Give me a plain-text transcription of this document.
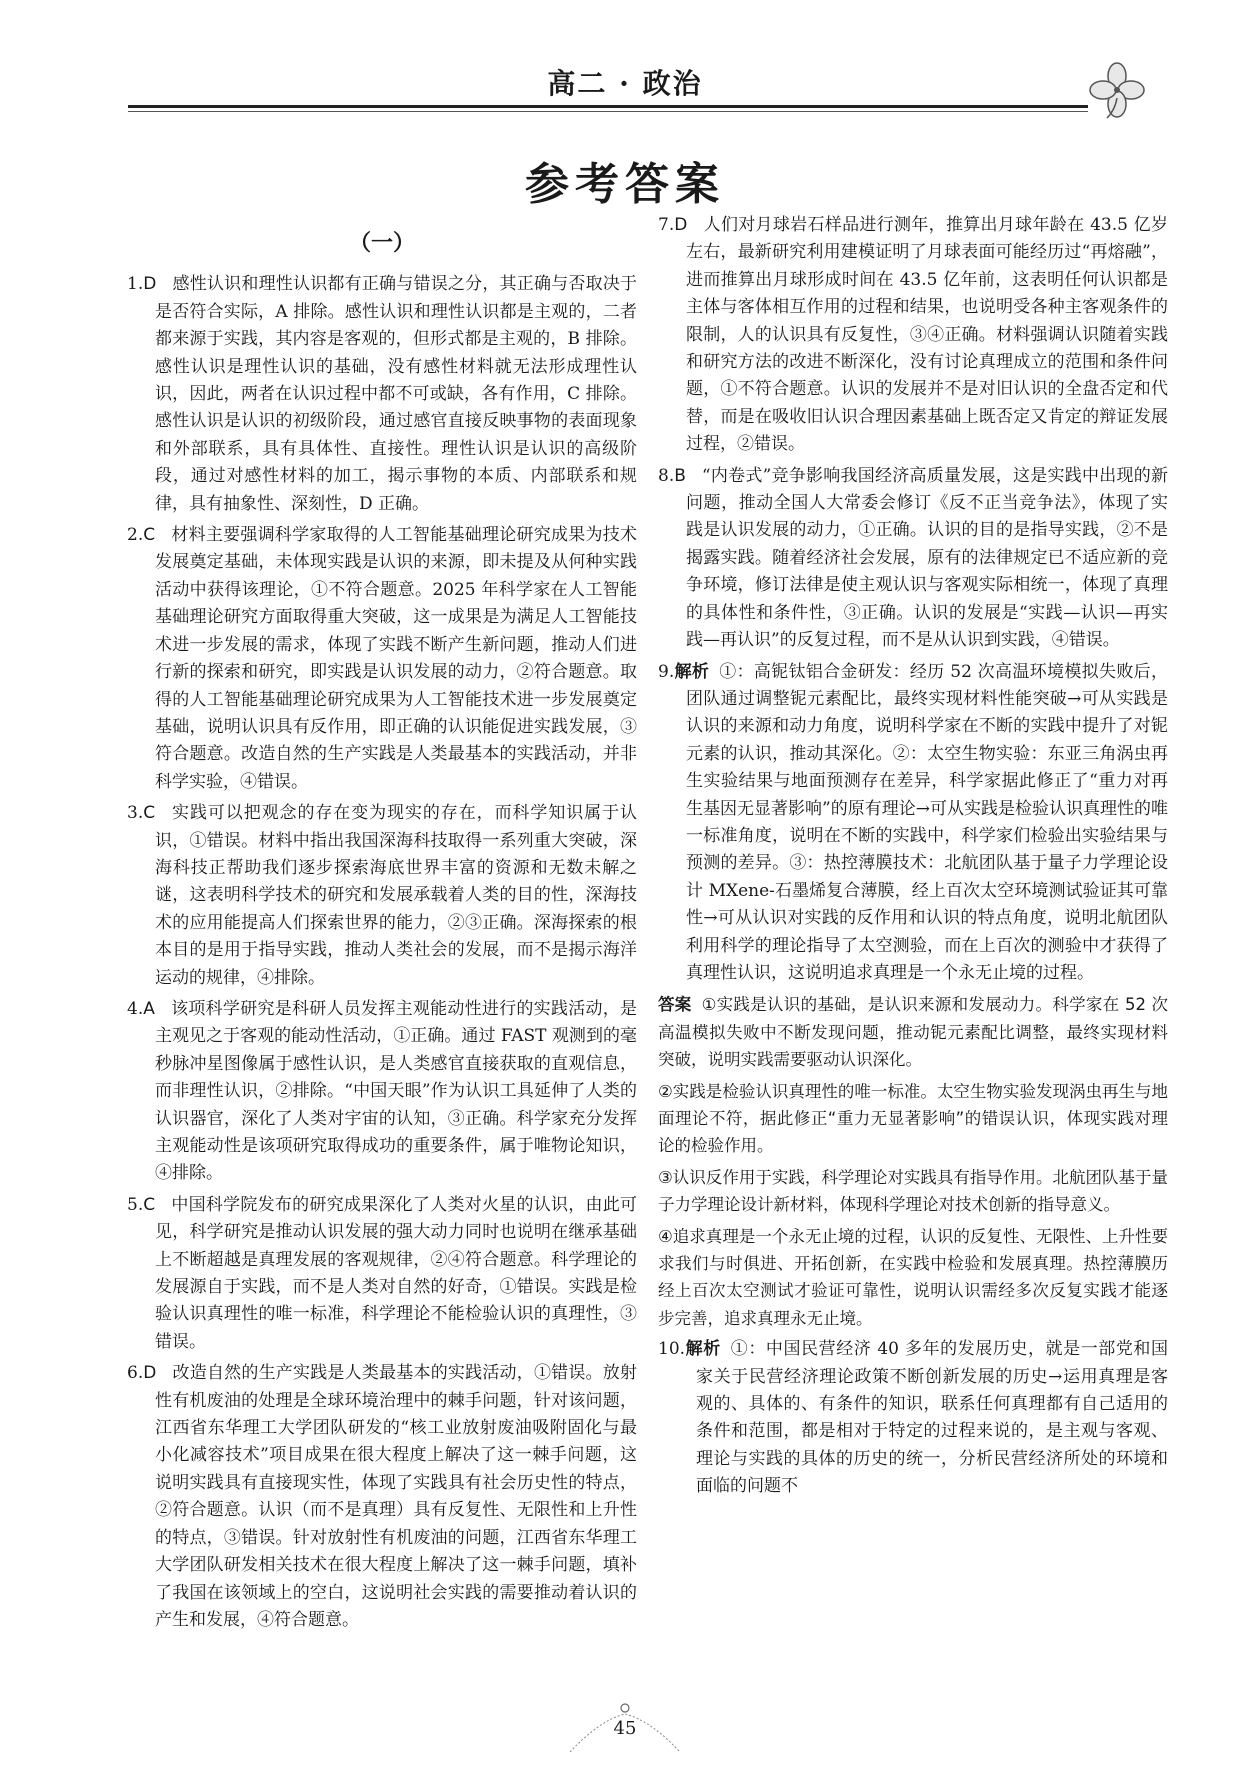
高二 · 政治
参考答案
（一）
1.D 感性认识和理性认识都有正确与错误之分，其正确与否取决于是否符合实际，A 排除。感性认识和理性认识都是主观的，二者都来源于实践，其内容是客观的，但形式都是主观的，B 排除。感性认识是理性认识的基础，没有感性材料就无法形成理性认识，因此，两者在认识过程中都不可或缺，各有作用，C 排除。感性认识是认识的初级阶段，通过感官直接反映事物的表面现象和外部联系，具有具体性、直接性。理性认识是认识的高级阶段，通过对感性材料的加工，揭示事物的本质、内部联系和规律，具有抽象性、深刻性，D 正确。
2.C 材料主要强调科学家取得的人工智能基础理论研究成果为技术发展奠定基础，未体现实践是认识的来源，即未提及从何种实践活动中获得该理论，①不符合题意。2025 年科学家在人工智能基础理论研究方面取得重大突破，这一成果是为满足人工智能技术进一步发展的需求，体现了实践不断产生新问题，推动人们进行新的探索和研究，即实践是认识发展的动力，②符合题意。取得的人工智能基础理论研究成果为人工智能技术进一步发展奠定基础，说明认识具有反作用，即正确的认识能促进实践发展，③符合题意。改造自然的生产实践是人类最基本的实践活动，并非科学实验，④错误。
3.C 实践可以把观念的存在变为现实的存在，而科学知识属于认识，①错误。材料中指出我国深海科技取得一系列重大突破，深海科技正帮助我们逐步探索海底世界丰富的资源和无数未解之谜，这表明科学技术的研究和发展承载着人类的目的性，深海技术的应用能提高人们探索世界的能力，②③正确。深海探索的根本目的是用于指导实践，推动人类社会的发展，而不是揭示海洋运动的规律，④排除。
4.A 该项科学研究是科研人员发挥主观能动性进行的实践活动，是主观见之于客观的能动性活动，①正确。通过 FAST 观测到的毫秒脉冲星图像属于感性认识，是人类感官直接获取的直观信息，而非理性认识，②排除。“中国天眼”作为认识工具延伸了人类的认识器官，深化了人类对宇宙的认知，③正确。科学家充分发挥主观能动性是该项研究取得成功的重要条件，属于唯物论知识，④排除。
5.C 中国科学院发布的研究成果深化了人类对火星的认识，由此可见，科学研究是推动认识发展的强大动力同时也说明在继承基础上不断超越是真理发展的客观规律，②④符合题意。科学理论的发展源自于实践，而不是人类对自然的好奇，①错误。实践是检验认识真理性的唯一标准，科学理论不能检验认识的真理性，③错误。
6.D 改造自然的生产实践是人类最基本的实践活动，①错误。放射性有机废油的处理是全球环境治理中的棘手问题，针对该问题，江西省东华理工大学团队研发的“核工业放射废油吸附固化与最小化减容技术”项目成果在很大程度上解决了这一棘手问题，这说明实践具有直接现实性，体现了实践具有社会历史性的特点，②符合题意。认识（而不是真理）具有反复性、无限性和上升性的特点，③错误。针对放射性有机废油的问题，江西省东华理工大学团队研发相关技术在很大程度上解决了这一棘手问题，填补了我国在该领域上的空白，这说明社会实践的需要推动着认识的产生和发展，④符合题意。
7.D 人们对月球岩石样品进行测年，推算出月球年龄在 43.5 亿岁左右，最新研究利用建模证明了月球表面可能经历过“再熔融”，进而推算出月球形成时间在 43.5 亿年前，这表明任何认识都是主体与客体相互作用的过程和结果，也说明受各种主客观条件的限制，人的认识具有反复性，③④正确。材料强调认识随着实践和研究方法的改进不断深化，没有讨论真理成立的范围和条件问题，①不符合题意。认识的发展并不是对旧认识的全盘否定和代替，而是在吸收旧认识合理因素基础上既否定又肯定的辩证发展过程，②错误。
8.B “内卷式”竞争影响我国经济高质量发展，这是实践中出现的新问题，推动全国人大常委会修订《反不正当竞争法》，体现了实践是认识发展的动力，①正确。认识的目的是指导实践，②不是揭露实践。随着经济社会发展，原有的法律规定已不适应新的竞争环境，修订法律是使主观认识与客观实际相统一，体现了真理的具体性和条件性，③正确。认识的发展是“实践—认识—再实践—再认识”的反复过程，而不是从认识到实践，④错误。
9.解析 ①：高铌钛铝合金研发：经历 52 次高温环境模拟失败后，团队通过调整铌元素配比，最终实现材料性能突破→可从实践是认识的来源和动力角度，说明科学家在不断的实践中提升了对铌元素的认识，推动其深化。②：太空生物实验：东亚三角涡虫再生实验结果与地面预测存在差异，科学家据此修正了“重力对再生基因无显著影响”的原有理论→可从实践是检验认识真理性的唯一标准角度，说明在不断的实践中，科学家们检验出实验结果与预测的差异。③：热控薄膜技术：北航团队基于量子力学理论设计 MXene-石墨烯复合薄膜，经上百次太空环境测试验证其可靠性→可从认识对实践的反作用和认识的特点角度，说明北航团队利用科学的理论指导了太空测验，而在上百次的测验中才获得了真理性认识，这说明追求真理是一个永无止境的过程。
答案 ①实践是认识的基础，是认识来源和发展动力。科学家在 52 次高温模拟失败中不断发现问题，推动铌元素配比调整，最终实现材料突破，说明实践需要驱动认识深化。
②实践是检验认识真理性的唯一标准。太空生物实验发现涡虫再生与地面理论不符，据此修正“重力无显著影响”的错误认识，体现实践对理论的检验作用。
③认识反作用于实践，科学理论对实践具有指导作用。北航团队基于量子力学理论设计新材料，体现科学理论对技术创新的指导意义。
④追求真理是一个永无止境的过程，认识的反复性、无限性、上升性要求我们与时俱进、开拓创新，在实践中检验和发展真理。热控薄膜历经上百次太空测试才验证可靠性，说明认识需经多次反复实践才能逐步完善，追求真理永无止境。
10.解析 ①：中国民营经济 40 多年的发展历史，就是一部党和国家关于民营经济理论政策不断创新发展的历史→运用真理是客观的、具体的、有条件的知识，联系任何真理都有自己适用的条件和范围，都是相对于特定的过程来说的，是主观与客观、理论与实践的具体的历史的统一，分析民营经济所处的环境和面临的问题不
45
